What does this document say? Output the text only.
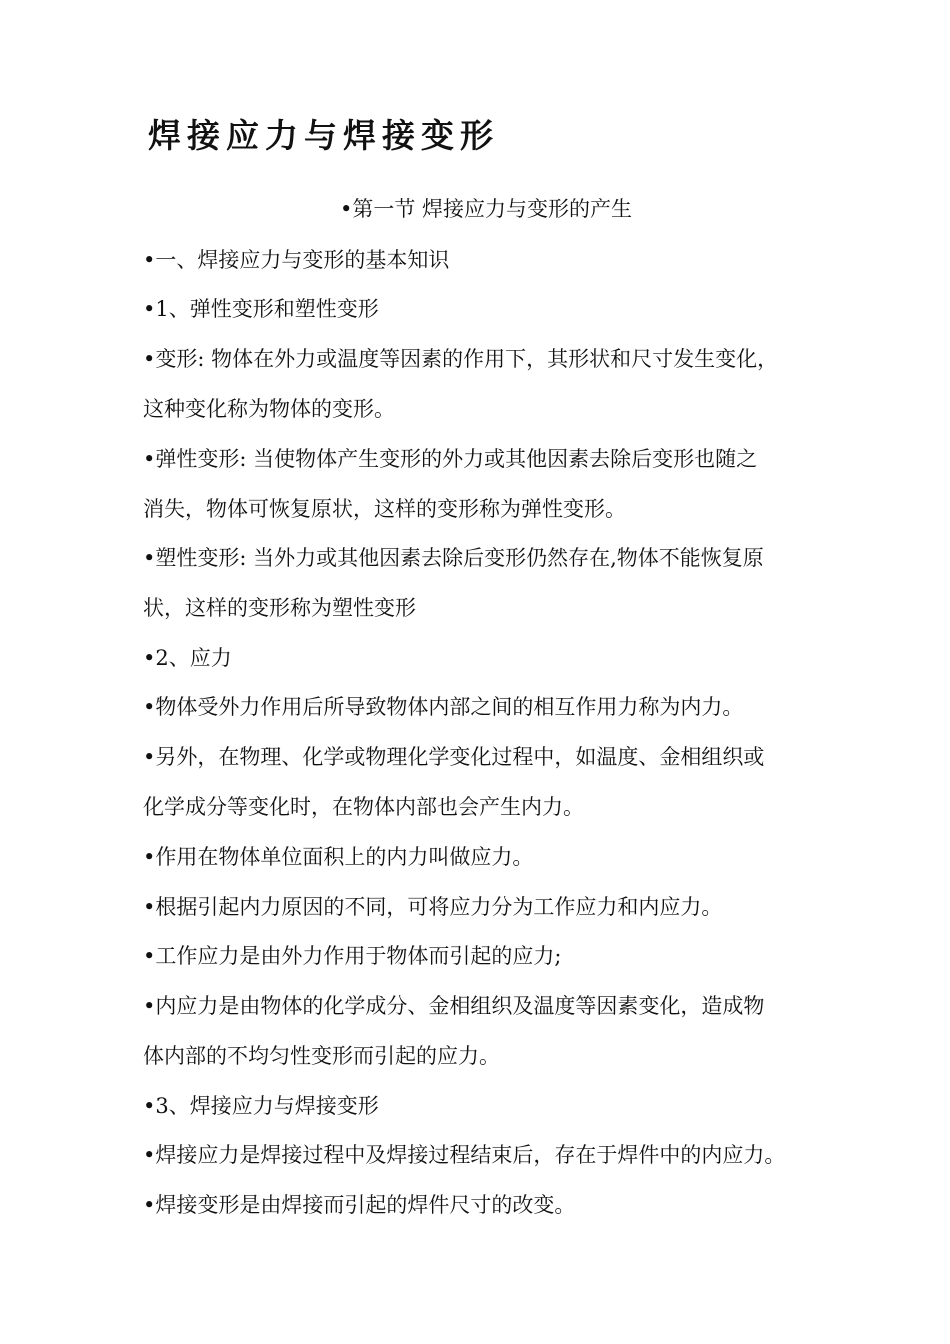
焊接应力与焊接变形
•第一节 焊接应力与变形的产生
•一、焊接应力与变形的基本知识
•1、弹性变形和塑性变形
•变形: 物体在外力或温度等因素的作用下，其形状和尺寸发生变化，
这种变化称为物体的变形。
•弹性变形: 当使物体产生变形的外力或其他因素去除后变形也随之
消失，物体可恢复原状，这样的变形称为弹性变形。
•塑性变形: 当外力或其他因素去除后变形仍然存在,物体不能恢复原
状，这样的变形称为塑性变形
•2、应力
•物体受外力作用后所导致物体内部之间的相互作用力称为内力。
•另外，在物理、化学或物理化学变化过程中，如温度、金相组织或
化学成分等变化时，在物体内部也会产生内力。
•作用在物体单位面积上的内力叫做应力。
•根据引起内力原因的不同，可将应力分为工作应力和内应力。
•工作应力是由外力作用于物体而引起的应力;
•内应力是由物体的化学成分、金相组织及温度等因素变化，造成物
体内部的不均匀性变形而引起的应力。
•3、焊接应力与焊接变形
•焊接应力是焊接过程中及焊接过程结束后，存在于焊件中的内应力。
•焊接变形是由焊接而引起的焊件尺寸的改变。
